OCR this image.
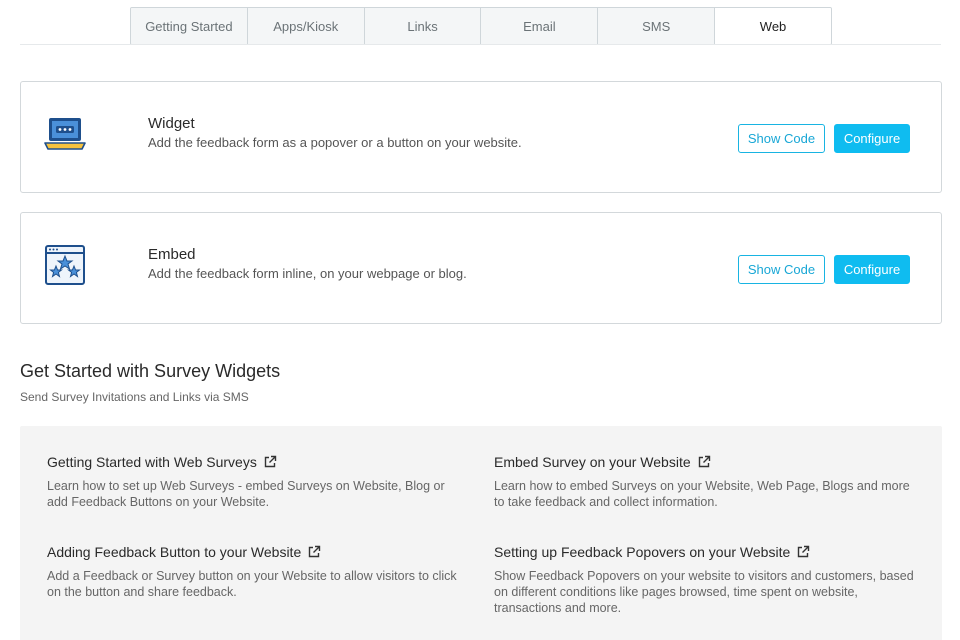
Getting Started	Apps/Kiosk	Links	Email	SMS	Web
Widget
Add the feedback form as a popover or a button on your website.	Show Code	Configure
Embed
Add the feedback form inline, on your webpage or blog.	Show Code	Configure
Get Started with Survey Widgets
Send Survey Invitations and Links via SMS
Getting Started with Web Surveys
Learn how to set up Web Surveys - embed Surveys on Website, Blog or add Feedback Buttons on your Website.
Embed Survey on your Website
Learn how to embed Surveys on your Website, Web Page, Blogs and more to take feedback and collect information.
Adding Feedback Button to your Website
Add a Feedback or Survey button on your Website to allow visitors to click on the button and share feedback.
Setting up Feedback Popovers on your Website
Show Feedback Popovers on your website to visitors and customers, based on different conditions like pages browsed, time spent on website, transactions and more.
